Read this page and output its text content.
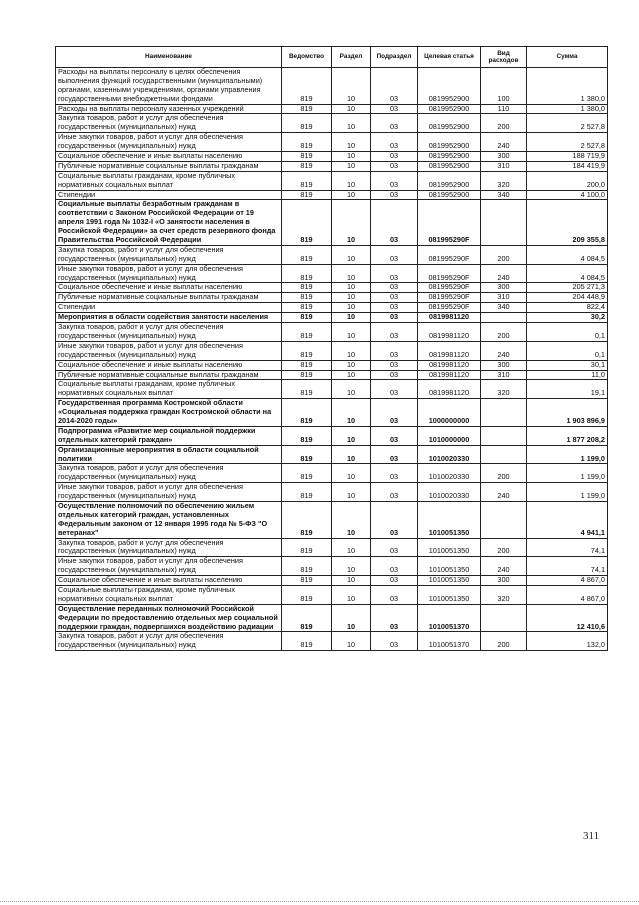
Наименование	Ведомство	Раздел	Подраздел	Целевая статья	Вид расходов	Сумма
Расходы на выплаты персоналу в целях обеспечения выполнения функций государственными (муниципальными) органами, казенными учреждениями, органами управления государственными внебюджетными фондами	819	10	03	0819952900	100	1 380,0
Расходы на выплаты персоналу казенных учреждений	819	10	03	0819952900	110	1 380,0
Закупка товаров, работ и услуг для обеспечения государственных (муниципальных) нужд	819	10	03	0819952900	200	2 527,8
Иные закупки товаров, работ и услуг для обеспечения государственных (муниципальных) нужд	819	10	03	0819952900	240	2 527,8
Социальное обеспечение и иные выплаты населению	819	10	03	0819952900	300	188 719,9
Публичные нормативные социальные выплаты гражданам	819	10	03	0819952900	310	184 419,9
Социальные выплаты гражданам, кроме публичных нормативных социальных выплат	819	10	03	0819952900	320	200,0
Стипендии	819	10	03	0819952900	340	4 100,0
Социальные выплаты безработным гражданам в соответствии с Законом Российской Федерации от 19 апреля 1991 года № 1032-I «О занятости населения в Российской Федерации» за счет средств резервного фонда Правительства Российской Федерации	819	10	03	081995290F		209 355,8
Закупка товаров, работ и услуг для обеспечения государственных (муниципальных) нужд	819	10	03	081995290F	200	4 084,5
Иные закупки товаров, работ и услуг для обеспечения государственных (муниципальных) нужд	819	10	03	081995290F	240	4 084,5
Социальное обеспечение и иные выплаты населению	819	10	03	081995290F	300	205 271,3
Публичные нормативные социальные выплаты гражданам	819	10	03	081995290F	310	204 448,9
Стипендии	819	10	03	081995290F	340	822,4
Мероприятия в области содействия занятости населения	819	10	03	0819981120		30,2
Закупка товаров, работ и услуг для обеспечения государственных (муниципальных) нужд	819	10	03	0819981120	200	0,1
Иные закупки товаров, работ и услуг для обеспечения государственных (муниципальных) нужд	819	10	03	0819981120	240	0,1
Социальное обеспечение и иные выплаты населению	819	10	03	0819981120	300	30,1
Публичные нормативные социальные выплаты гражданам	819	10	03	0819981120	310	11,0
Социальные выплаты гражданам, кроме публичных нормативных социальных выплат	819	10	03	0819981120	320	19,1
Государственная программа Костромской области «Социальная поддержка граждан Костромской области на 2014-2020 годы»	819	10	03	1000000000		1 903 896,9
Подпрограмма «Развитие мер социальной поддержки отдельных категорий граждан»	819	10	03	1010000000		1 877 208,2
Организационные мероприятия в области социальной политики	819	10	03	1010020330		1 199,0
Закупка товаров, работ и услуг для обеспечения государственных (муниципальных) нужд	819	10	03	1010020330	200	1 199,0
Иные закупки товаров, работ и услуг для обеспечения государственных (муниципальных) нужд	819	10	03	1010020330	240	1 199,0
Осуществление полномочий по обеспечению жильем отдельных категорий граждан, установленных Федеральным законом от 12 января 1995 года № 5-ФЗ "О ветеранах"	819	10	03	1010051350		4 941,1
Закупка товаров, работ и услуг для обеспечения государственных (муниципальных) нужд	819	10	03	1010051350	200	74,1
Иные закупки товаров, работ и услуг для обеспечения государственных (муниципальных) нужд	819	10	03	1010051350	240	74,1
Социальное обеспечение и иные выплаты населению	819	10	03	1010051350	300	4 867,0
Социальные выплаты гражданам, кроме публичных нормативных социальных выплат	819	10	03	1010051350	320	4 867,0
Осуществление переданных полномочий Российской Федерации по предоставлению отдельных мер социальной поддержки граждан, подвергшихся воздействию радиации	819	10	03	1010051370		12 410,6
Закупка товаров, работ и услуг для обеспечения государственных (муниципальных) нужд	819	10	03	1010051370	200	132,0
311
